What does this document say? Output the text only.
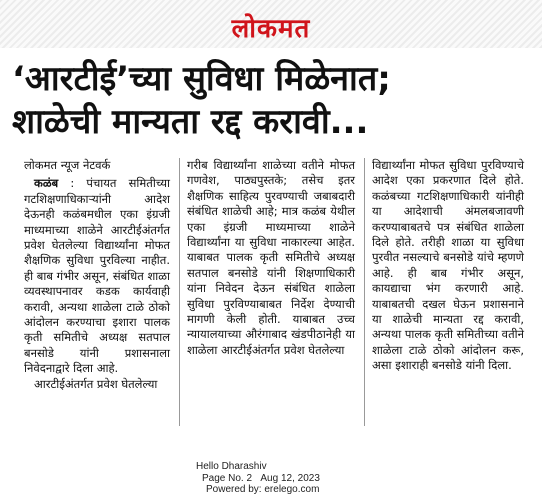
लोकमत
‘आरटीई’च्या सुविधा मिळेनात;
शाळेची मान्यता रद्द करावी...
लोकमत न्यूज नेटवर्क
कळंब : पंचायत समितीच्या गटशिक्षणाधिकाऱ्यांनी आदेश देऊनही कळंबमधील एका इंग्रजी माध्यमाच्या शाळेने आरटीईअंतर्गत प्रवेश घेतलेल्या विद्यार्थ्यांना मोफत शैक्षणिक सुविधा पुरविल्या नाहीत. ही बाब गंभीर असून, संबंधित शाळा व्यवस्थापनावर कडक कार्यवाही करावी, अन्यथा शाळेला टाळे ठोको आंदोलन करण्याचा इशारा पालक कृती समितीचे अध्यक्ष सतपाल बनसोडे यांनी प्रशासनाला निवेदनाद्वारे दिला आहे.
आरटीईअंतर्गत प्रवेश घेतलेल्या
गरीब विद्यार्थ्यांना शाळेच्या वतीने मोफत गणवेश, पाठ्यपुस्तके; तसेच इतर शैक्षणिक साहित्य पुरवण्याची जबाबदारी संबंधित शाळेची आहे; मात्र कळंब येथील एका इंग्रजी माध्यमाच्या शाळेने विद्यार्थ्यांना या सुविधा नाकारल्या आहेत. याबाबत पालक कृती समितीचे अध्यक्ष सतपाल बनसोडे यांनी शिक्षणाधिकारी यांना निवेदन देऊन संबंधित शाळेला सुविधा पुरविण्याबाबत निर्देश देण्याची मागणी केली होती. याबाबत उच्च न्यायालयाच्या औरंगाबाद खंडपीठानेही या शाळेला आरटीईअंतर्गत प्रवेश घेतलेल्या
विद्यार्थ्यांना मोफत सुविधा पुरविण्याचे आदेश एका प्रकरणात दिले होते. कळंबच्या गटशिक्षणाधिकारी यांनीही या आदेशाची अंमलबजावणी करण्याबाबतचे पत्र संबंधित शाळेला दिले होते. तरीही शाळा या सुविधा पुरवीत नसल्याचे बनसोडे यांचे म्हणणे आहे. ही बाब गंभीर असून, कायद्याचा भंग करणारी आहे. याबाबतची दखल घेऊन प्रशासनाने या शाळेची मान्यता रद्द करावी, अन्यथा पालक कृती समितीच्या वतीने शाळेला टाळे ठोको आंदोलन करू, असा इशाराही बनसोडे यांनी दिला.
Hello Dharashiv
Page No. 2 Aug 12, 2023
Powered by: erelego.com
